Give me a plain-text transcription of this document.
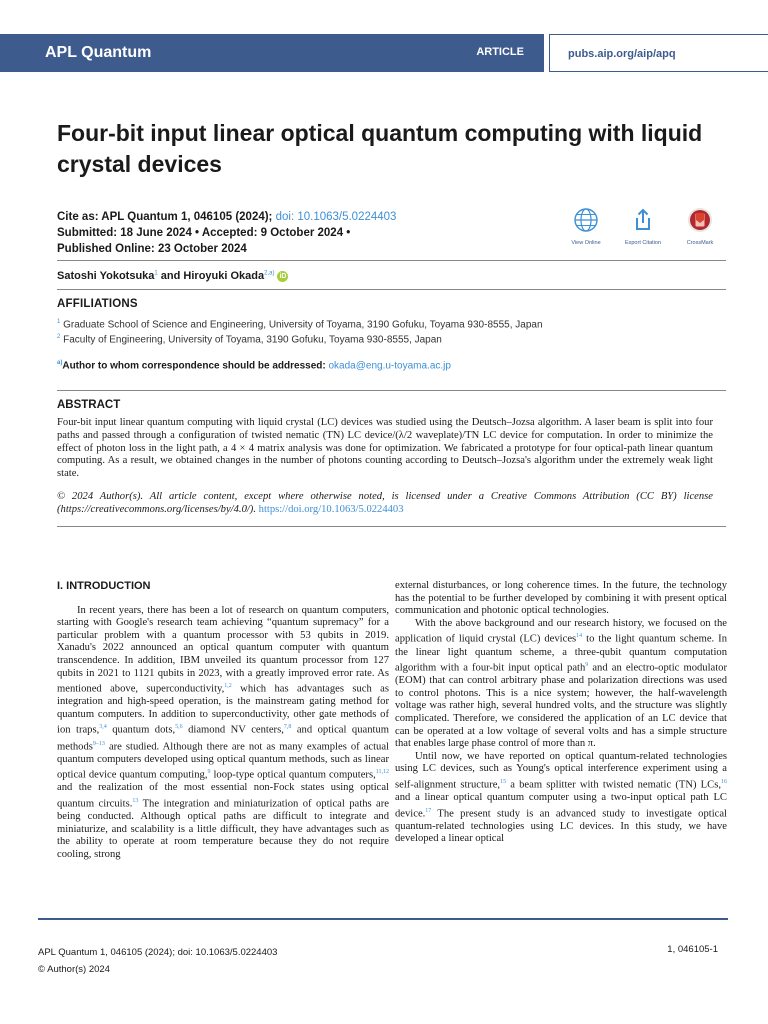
APL Quantum	ARTICLE	pubs.aip.org/aip/apq
Four-bit input linear optical quantum computing with liquid crystal devices
Cite as: APL Quantum 1, 046105 (2024); doi: 10.1063/5.0224403
Submitted: 18 June 2024 • Accepted: 9 October 2024 •
Published Online: 23 October 2024	View Online	Export Citation	CrossMark
Satoshi Yokotsuka$^1$ and Hiroyuki Okada$^{2,a)}$ iD
AFFILIATIONS
$^1$ Graduate School of Science and Engineering, University of Toyama, 3190 Gofuku, Toyama 930-8555, Japan
$^2$ Faculty of Engineering, University of Toyama, 3190 Gofuku, Toyama 930-8555, Japan
$^{a)}$Author to whom correspondence should be addressed: okada@eng.u-toyama.ac.jp
ABSTRACT
Four-bit input linear quantum computing with liquid crystal (LC) devices was studied using the Deutsch–Jozsa algorithm. A laser beam is split into four paths and passed through a configuration of twisted nematic (TN) LC device/(λ/2 waveplate)/TN LC device for computation. In order to minimize the effect of photon loss in the light path, a 4 × 4 matrix analysis was done for optimization. We fabricated a prototype for four optical-path linear quantum computing. As a result, we obtained changes in the number of photons counting according to Deutsch–Jozsa's algorithm under the extremely weak light state.
© 2024 Author(s). All article content, except where otherwise noted, is licensed under a Creative Commons Attribution (CC BY) license (https://creativecommons.org/licenses/by/4.0/). https://doi.org/10.1063/5.0224403
I. INTRODUCTION

In recent years, there has been a lot of research on quantum computers, starting with Google's research team achieving “quantum supremacy” for a particular problem with a quantum processor with 53 qubits in 2019. Xanadu's 2022 announced an optical quantum computer with quantum transcendence. In addition, IBM unveiled its quantum processor from 127 qubits in 2021 to 1121 qubits in 2023, with a greatly improved error rate. As mentioned above, superconductivity,$^{1,2}$ which has advantages such as integration and high-speed operation, is the mainstream gating method for quantum computers. In addition to superconductivity, other gate methods of ion traps,$^{3,4}$ quantum dots,$^{5,6}$ diamond NV centers,$^{7,8}$ and optical quantum methods$^{9-13}$ are studied. Although there are not as many examples of actual quantum computers developed using optical quantum methods, such as linear optical device quantum computing,$^9$ loop-type optical quantum computers,$^{11,12}$ and the realization of the most essential non-Fock states using optical quantum circuits.$^{13}$ The integration and miniaturization of optical paths are being conducted. Although optical paths are difficult to integrate and miniaturize, and scalability is a little difficult, they have advantages such as the ability to operate at room temperature because they do not require cooling, strong

external disturbances, or long coherence times. In the future, the technology has the potential to be further developed by combining it with present optical communication and photonic optical technologies.

With the above background and our research history, we focused on the application of liquid crystal (LC) devices$^{14}$ to the light quantum scheme. In the linear light quantum scheme, a three-qubit quantum computation algorithm with a four-bit input optical path$^9$ and an electro-optic modulator (EOM) that can control arbitrary phase and polarization directions was used to control photons. This is a nice system; however, the half-wavelength voltage was rather high, several hundred volts, and the structure was slightly complicated. Therefore, we considered the application of an LC device that can be operated at a low voltage of several volts and has a simple structure that enables large phase control of more than π.

Until now, we have reported on optical quantum-related technologies using LC devices, such as Young's optical interference experiment using a self-alignment structure,$^{15}$ a beam splitter with twisted nematic (TN) LCs,$^{16}$ and a linear optical quantum computer using a two-input optical path LC device.$^{17}$ The present study is an advanced study to investigate optical quantum-related technologies using LC devices. In this study, we have developed a linear optical

APL Quantum 1, 046105 (2024); doi: 10.1063/5.0224403
© Author(s) 2024
1, 046105-1
